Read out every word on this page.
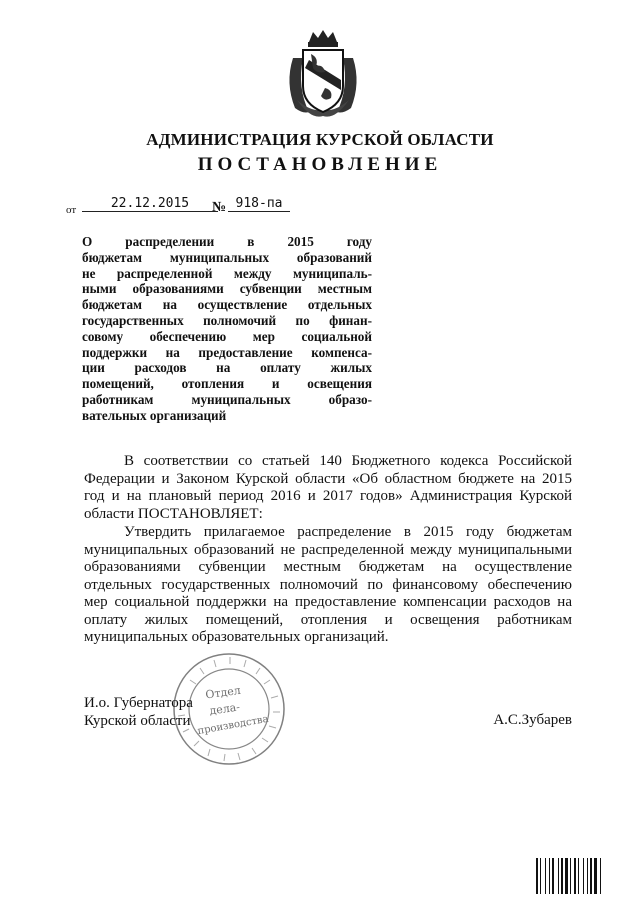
АДМИНИСТРАЦИЯ КУРСКОЙ ОБЛАСТИ
ПОСТАНОВЛЕНИЕ
от	22.12.2015	№ 918-па
О распределении в 2015 году
бюджетам муниципальных образований
не распределенной между муниципаль-
ными образованиями субвенции местным
бюджетам на осуществление отдельных
государственных полномочий по финан-
совому обеспечению мер социальной
поддержки на предоставление компенса-
ции расходов на оплату жилых
помещений, отопления и освещения
работникам муниципальных образо-
вательных организаций
В соответствии со статьей 140 Бюджетного кодекса Российской
Федерации и Законом Курской области «Об областном бюджете на 2015
год и на плановый период 2016 и 2017 годов» Администрация Курской
области ПОСТАНОВЛЯЕТ:
Утвердить прилагаемое распределение в 2015 году бюджетам
муниципальных образований не распределенной между муниципальными
образованиями субвенции местным бюджетам на осуществление
отдельных государственных полномочий по финансовому обеспечению
мер социальной поддержки на предоставление компенсации расходов на
оплату жилых помещений, отопления и освещения работникам
муниципальных образовательных организаций.
Отдел
дела-
производства
И.о. Губернатора
Курской области	А.С.Зубарев
